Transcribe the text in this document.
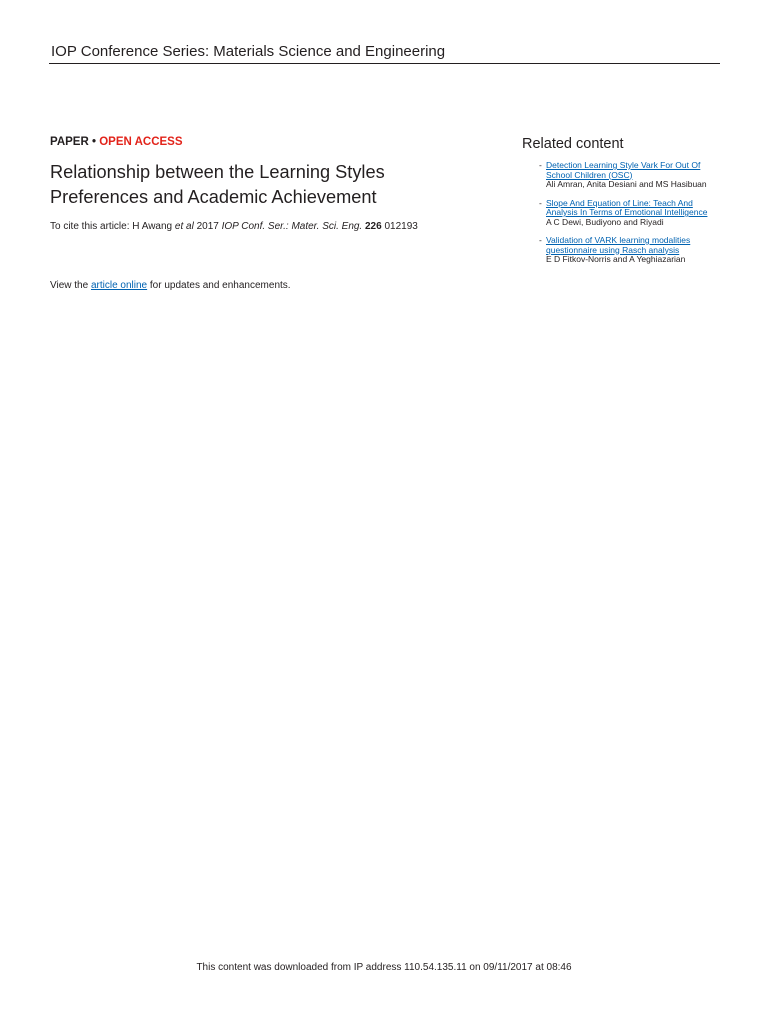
IOP Conference Series: Materials Science and Engineering
PAPER • OPEN ACCESS
Relationship between the Learning Styles Preferences and Academic Achievement
To cite this article: H Awang et al 2017 IOP Conf. Ser.: Mater. Sci. Eng. 226 012193
View the article online for updates and enhancements.
Related content
- Detection Learning Style Vark For Out Of School Children (OSC)
Ali Amran, Anita Desiani and MS Hasibuan
- Slope And Equation of Line: Teach And Analysis In Terms of Emotional Intelligence
A C Dewi, Budiyono and Riyadi
- Validation of VARK learning modalities questionnaire using Rasch analysis
E D Fitkov-Norris and A Yeghiazarian
This content was downloaded from IP address 110.54.135.11 on 09/11/2017 at 08:46
